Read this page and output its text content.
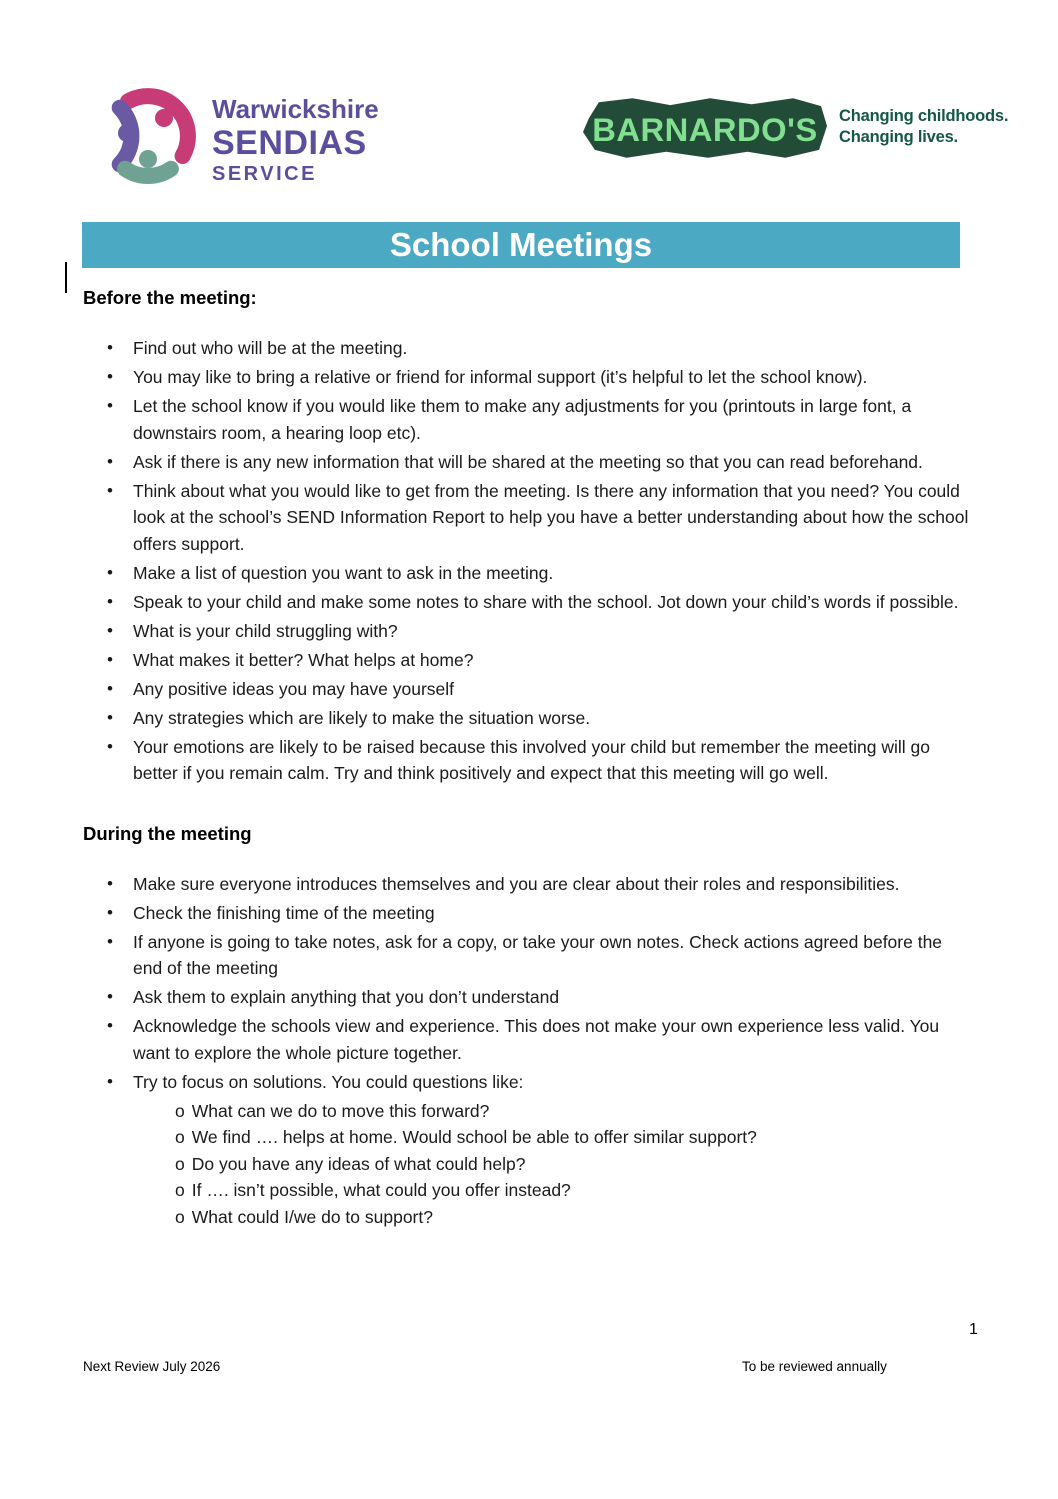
Warwickshire
SENDIAS
SERVICE
BARNARDO'S Changing childhoods.
Changing lives.
School Meetings
Before the meeting:
• Find out who will be at the meeting.
• You may like to bring a relative or friend for informal support (it’s helpful to let the school know).
• Let the school know if you would like them to make any adjustments for you (printouts in large font, a downstairs room, a hearing loop etc).
• Ask if there is any new information that will be shared at the meeting so that you can read beforehand.
• Think about what you would like to get from the meeting. Is there any information that you need? You could look at the school’s SEND Information Report to help you have a better understanding about how the school offers support.
• Make a list of question you want to ask in the meeting.
• Speak to your child and make some notes to share with the school. Jot down your child’s words if possible.
• What is your child struggling with?
• What makes it better? What helps at home?
• Any positive ideas you may have yourself
• Any strategies which are likely to make the situation worse.
• Your emotions are likely to be raised because this involved your child but remember the meeting will go better if you remain calm. Try and think positively and expect that this meeting will go well.
During the meeting
• Make sure everyone introduces themselves and you are clear about their roles and responsibilities.
• Check the finishing time of the meeting
• If anyone is going to take notes, ask for a copy, or take your own notes. Check actions agreed before the end of the meeting
• Ask them to explain anything that you don’t understand
• Acknowledge the schools view and experience. This does not make your own experience less valid. You want to explore the whole picture together.
• Try to focus on solutions. You could questions like:
o What can we do to move this forward?
o We find …. helps at home. Would school be able to offer similar support?
o Do you have any ideas of what could help?
o If …. isn’t possible, what could you offer instead?
o What could I/we do to support?
1
Next Review July 2026	To be reviewed annually
